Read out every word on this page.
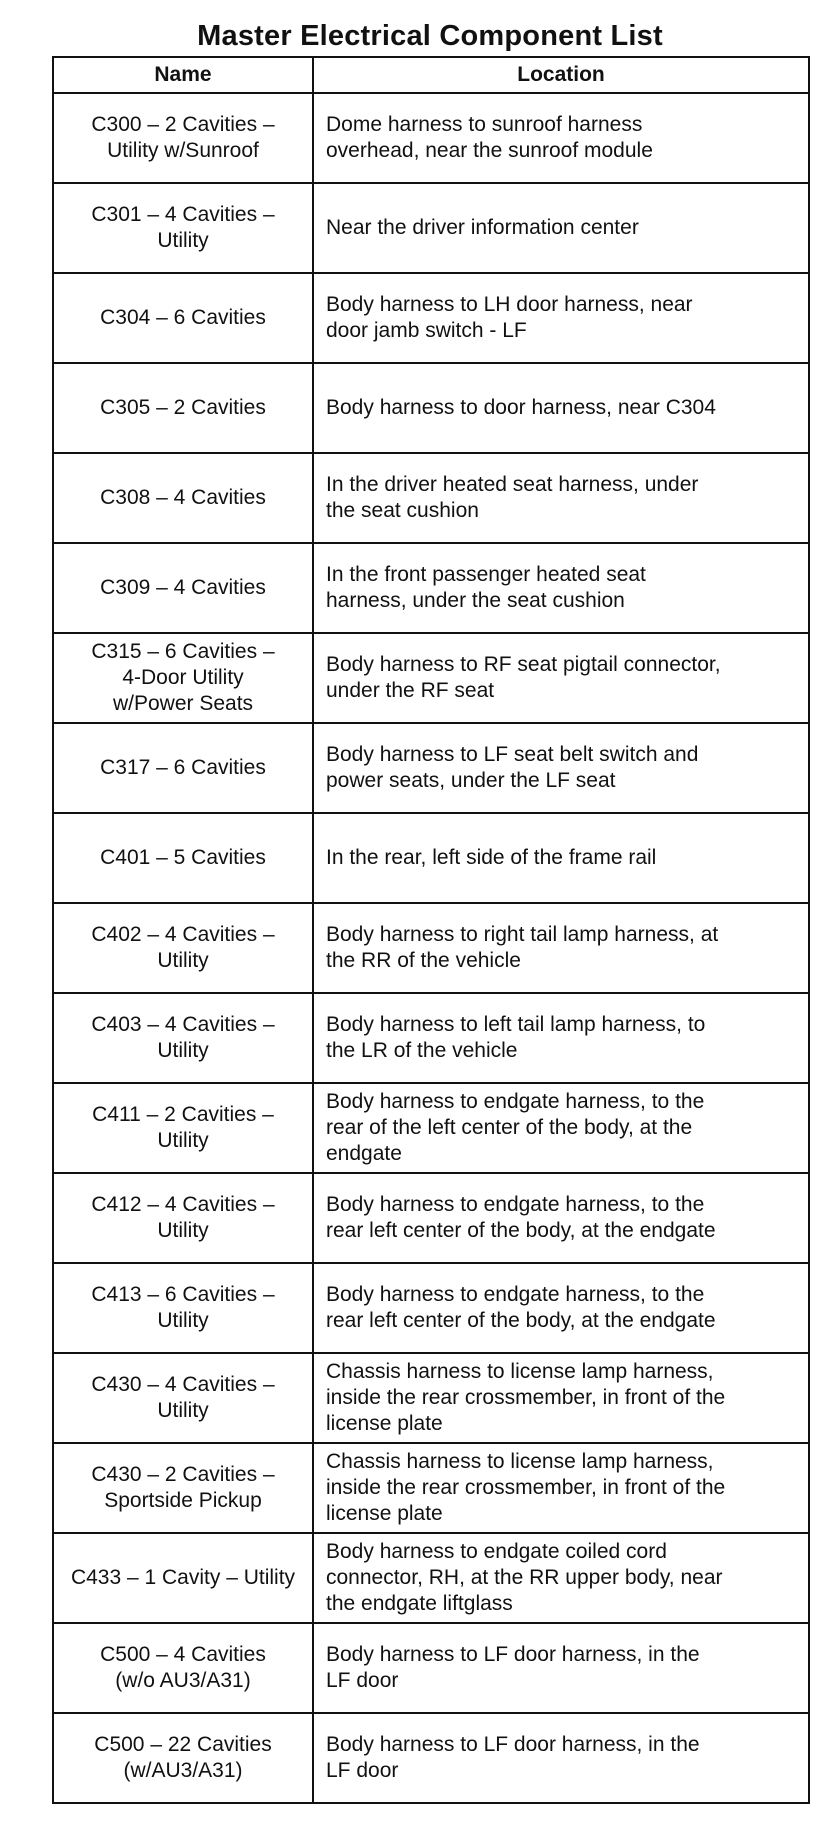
Master Electrical Component List
Name	Location
C300 – 2 Cavities –
Utility w/Sunroof	Dome harness to sunroof harness
overhead, near the sunroof module
C301 – 4 Cavities –
Utility	Near the driver information center
C304 – 6 Cavities	Body harness to LH door harness, near
door jamb switch - LF
C305 – 2 Cavities	Body harness to door harness, near C304
C308 – 4 Cavities	In the driver heated seat harness, under
the seat cushion
C309 – 4 Cavities	In the front passenger heated seat
harness, under the seat cushion
C315 – 6 Cavities –
4-Door Utility
w/Power Seats	Body harness to RF seat pigtail connector,
under the RF seat
C317 – 6 Cavities	Body harness to LF seat belt switch and
power seats, under the LF seat
C401 – 5 Cavities	In the rear, left side of the frame rail
C402 – 4 Cavities –
Utility	Body harness to right tail lamp harness, at
the RR of the vehicle
C403 – 4 Cavities –
Utility	Body harness to left tail lamp harness, to
the LR of the vehicle
C411 – 2 Cavities –
Utility	Body harness to endgate harness, to the
rear of the left center of the body, at the
endgate
C412 – 4 Cavities –
Utility	Body harness to endgate harness, to the
rear left center of the body, at the endgate
C413 – 6 Cavities –
Utility	Body harness to endgate harness, to the
rear left center of the body, at the endgate
C430 – 4 Cavities –
Utility	Chassis harness to license lamp harness,
inside the rear crossmember, in front of the
license plate
C430 – 2 Cavities –
Sportside Pickup	Chassis harness to license lamp harness,
inside the rear crossmember, in front of the
license plate
C433 – 1 Cavity – Utility	Body harness to endgate coiled cord
connector, RH, at the RR upper body, near
the endgate liftglass
C500 – 4 Cavities
(w/o AU3/A31)	Body harness to LF door harness, in the
LF door
C500 – 22 Cavities
(w/AU3/A31)	Body harness to LF door harness, in the
LF door
